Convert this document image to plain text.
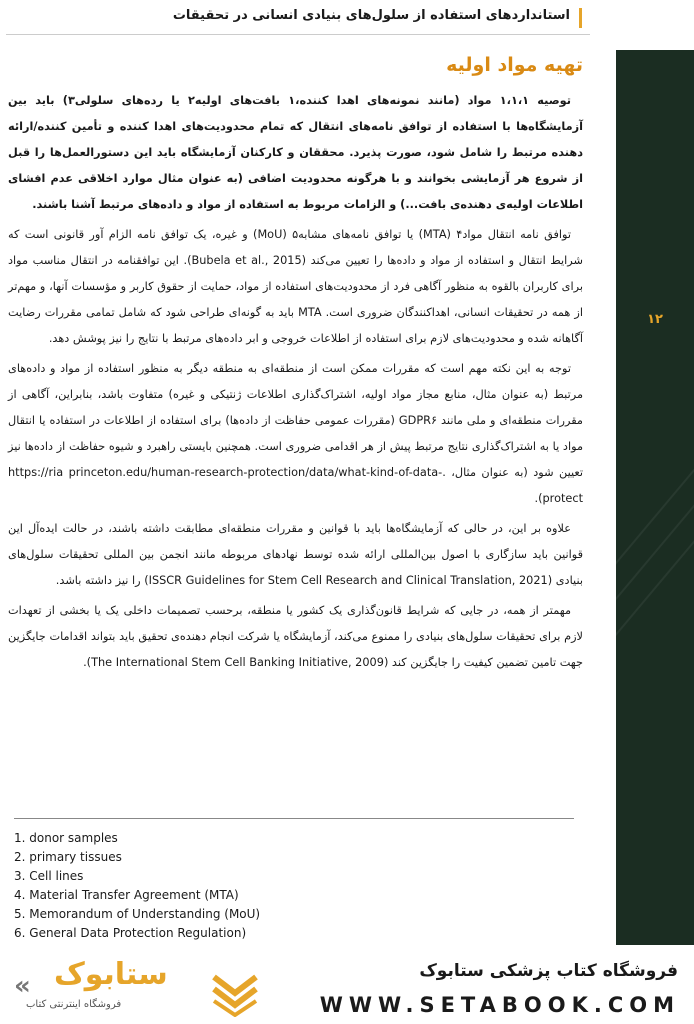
استانداردهای استفاده از سلول‌های بنیادی انسانی در تحقیقات
۱۲
تهیه مواد اولیه

توصیه ۱،۱،۱ مواد (مانند نمونه‌های اهدا کننده،۱ بافت‌های اولیه۲ یا رده‌های سلولی۳) باید بین آزمایشگاه‌ها با استفاده از توافق نامه‌های انتقال که تمام محدودیت‌های اهدا کننده و تأمین کننده/ارائه دهنده مرتبط را شامل شود، صورت پذیرد. محققان و کارکنان آزمایشگاه باید این دستورالعمل‌ها را قبل از شروع هر آزمایشی بخوانند و با هرگونه محدودیت اضافی (به عنوان مثال موارد اخلاقی عدم افشای اطلاعات اولیه‌ی دهنده‌ی بافت...) و الزامات مربوط به استفاده از مواد و داده‌های مرتبط آشنا باشند.

توافق نامه انتقال مواد۴ (MTA) یا توافق نامه‌های مشابه۵ (MoU) و غیره، یک توافق نامه الزام آور قانونی است که شرایط انتقال و استفاده از مواد و داده‌ها را تعیین می‌کند (Bubela et al., 2015). این توافقنامه در انتقال مناسب مواد برای کاربران بالقوه به منظور آگاهی فرد از محدودیت‌های استفاده از مواد، حمایت از حقوق کاربر و مؤسسات آنها، و مهم‌تر از همه در تحقیقات انسانی، اهداکنندگان ضروری است. MTA باید به گونه‌ای طراحی شود که شامل تمامی مقررات رضایت آگاهانه شده و محدودیت‌های لازم برای استفاده از اطلاعات خروجی و ابر داده‌های مرتبط با نتایج را نیز پوشش دهد.

توجه به این نکته مهم است که مقررات ممکن است از منطقه‌ای به منطقه دیگر به منظور استفاده از مواد و داده‌های مرتبط (به عنوان مثال، منابع مجاز مواد اولیه، اشتراک‌گذاری اطلاعات ژنتیکی و غیره) متفاوت باشد، بنابراین، آگاهی از مقررات منطقه‌ای و ملی مانند GDPR۶ (مقررات عمومی حفاظت از داده‌ها) برای استفاده از اطلاعات در استفاده یا انتقال مواد یا به اشتراک‌گذاری نتایج مرتبط پیش از هر اقدامی ضروری است. همچنین بایستی راهبرد و شیوه حفاظت از داده‌ها نیز تعیین شود (به عنوان مثال، .https://ria princeton.edu/human-research-protection/data/what-kind-of-data-protect).

علاوه بر این، در حالی که آزمایشگاه‌ها باید با قوانین و مقررات منطقه‌ای مطابقت داشته باشند، در حالت ایده‌آل این قوانین باید سازگاری با اصول بین‌المللی ارائه شده توسط نهادهای مربوطه مانند انجمن بین المللی تحقیقات سلول‌های بنیادی (ISSCR Guidelines for Stem Cell Research and Clinical Translation, 2021) را نیز داشته باشد.

مهمتر از همه، در جایی که شرایط قانون‌گذاری یک کشور یا منطقه، برحسب تصمیمات داخلی یک یا بخشی از تعهدات لازم برای تحقیقات سلول‌های بنیادی را ممنوع می‌کند، آزمایشگاه یا شرکت انجام دهنده‌ی تحقیق باید بتواند اقدامات جایگزین جهت تامین تضمین کیفیت را جایگزین کند (The International Stem Cell Banking Initiative, 2009).

1. donor samples
2. primary tissues
3. Cell lines
4. Material Transfer Agreement (MTA)
5. Memorandum of Understanding (MoU)
6. General Data Protection Regulation)
« ستابوک
فروشگاه اینترنتی کتاب
فروشگاه کتاب پزشکی ستابوک
WWW.SETABOOK.COM
